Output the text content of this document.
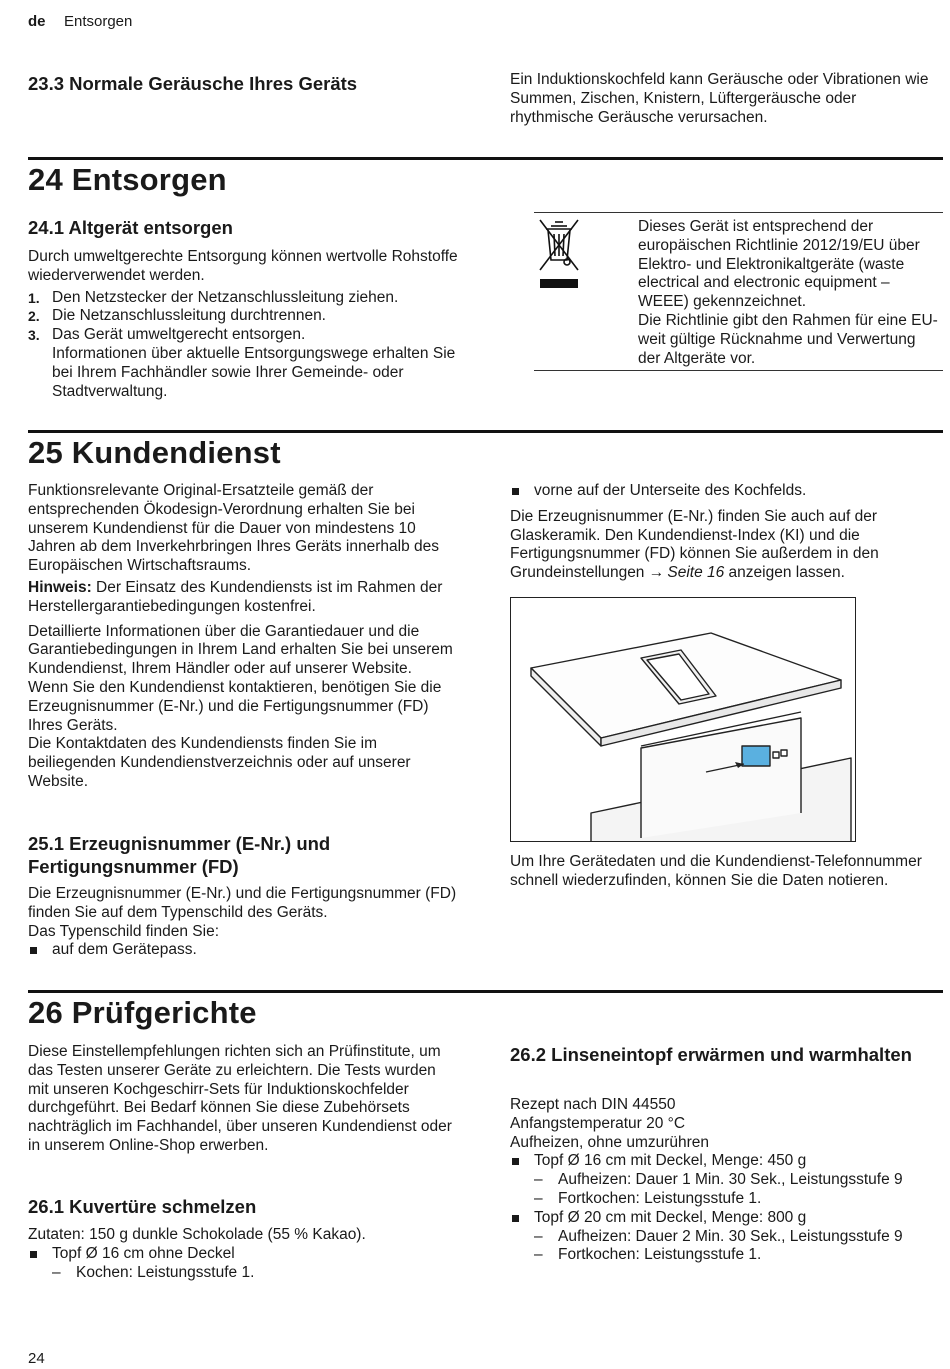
de Entsorgen
23.3 Normale Geräusche Ihres Geräts	Ein Induktionskochfeld kann Geräusche oder Vibrationen wie Summen, Zischen, Knistern, Lüftergeräusche oder rhythmische Geräusche verursachen.

24 Entsorgen
24.1 Altgerät entsorgen

Durch umweltgerechte Entsorgung können wertvolle Rohstoffe wiederverwendet werden.

1. Den Netzstecker der Netzanschlussleitung ziehen.
2. Die Netzanschlussleitung durchtrennen.
3. Das Gerät umweltgerecht entsorgen.

Informationen über aktuelle Entsorgungswege erhalten Sie bei Ihrem Fachhändler sowie Ihrer Gemeinde- oder Stadtverwaltung.

Dieses Gerät ist entsprechend der europäischen Richtlinie 2012/19/EU über Elektro- und Elektronikaltgeräte (waste electrical and electronic equipment – WEEE) gekennzeichnet.

Die Richtlinie gibt den Rahmen für eine EU-weit gültige Rücknahme und Verwertung der Altgeräte vor.

25 Kundendienst

Funktionsrelevante Original-Ersatzteile gemäß der entsprechenden Ökodesign-Verordnung erhalten Sie bei unserem Kundendienst für die Dauer von mindestens 10 Jahren ab dem Inverkehrbringen Ihres Geräts innerhalb des Europäischen Wirtschaftsraums.

Hinweis: Der Einsatz des Kundendiensts ist im Rahmen der Herstellergarantiebedingungen kostenfrei.

Detaillierte Informationen über die Garantiedauer und die Garantiebedingungen in Ihrem Land erhalten Sie bei unserem Kundendienst, Ihrem Händler oder auf unserer Website.

Wenn Sie den Kundendienst kontaktieren, benötigen Sie die Erzeugnisnummer (E-Nr.) und die Fertigungsnummer (FD) Ihres Geräts.

Die Kontaktdaten des Kundendiensts finden Sie im beiliegenden Kundendienstverzeichnis oder auf unserer Website.

25.1 Erzeugnisnummer (E-Nr.) und Fertigungsnummer (FD)

Die Erzeugnisnummer (E-Nr.) und die Fertigungsnummer (FD) finden Sie auf dem Typenschild des Geräts.

Das Typenschild finden Sie:

auf dem Gerätepass.
vorne auf der Unterseite des Kochfelds.

Die Erzeugnisnummer (E-Nr.) finden Sie auch auf der Glaskeramik. Den Kundendienst-Index (KI) und die Fertigungsnummer (FD) können Sie außerdem in den Grundeinstellungen →  Seite 16 anzeigen lassen.

Um Ihre Gerätedaten und die Kundendienst-Telefonnummer schnell wiederzufinden, können Sie die Daten notieren.

26 Prüfgerichte

Diese Einstellempfehlungen richten sich an Prüfinstitute, um das Testen unserer Geräte zu erleichtern. Die Tests wurden mit unseren Kochgeschirr-Sets für Induktionskochfelder durchgeführt. Bei Bedarf können Sie diese Zubehörsets nachträglich im Fachhandel, über unseren Kundendienst oder in unserem Online-Shop erwerben.

26.1 Kuvertüre schmelzen

Zutaten: 150 g dunkle Schokolade (55 % Kakao).

Topf Ø 16 cm ohne Deckel
– Kochen: Leistungsstufe 1.
26.2 Linseneintopf erwärmen und warmhalten

Rezept nach DIN 44550

Anfangstemperatur 20 °C

Aufheizen, ohne umzurühren

Topf Ø 16 cm mit Deckel, Menge: 450 g
– Aufheizen: Dauer 1 Min. 30 Sek., Leistungsstufe 9
– Fortkochen: Leistungsstufe 1.
Topf Ø 20 cm mit Deckel, Menge: 800 g
– Aufheizen: Dauer 2 Min. 30 Sek., Leistungsstufe 9
– Fortkochen: Leistungsstufe 1.
24
